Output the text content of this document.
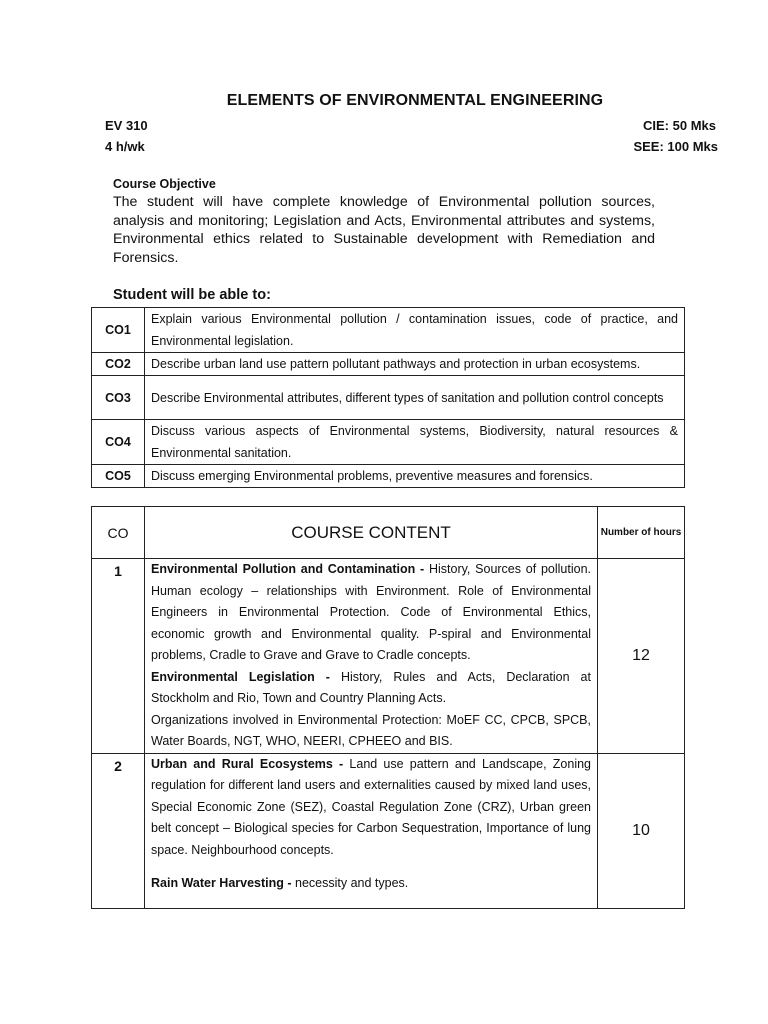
ELEMENTS OF ENVIRONMENTAL ENGINEERING
EV 310
4 h/wk
CIE: 50 Mks
SEE: 100 Mks
Course Objective
The student will have complete knowledge of Environmental pollution sources, analysis and monitoring; Legislation and Acts, Environmental attributes and systems, Environmental ethics related to Sustainable development with Remediation and Forensics.
Student will be able to:
CO1	Explain various Environmental pollution / contamination issues, code of practice, and Environmental legislation.
CO2	Describe urban land use pattern pollutant pathways and protection in urban ecosystems.
CO3	Describe Environmental attributes, different types of sanitation and pollution control concepts
CO4	Discuss various aspects of Environmental systems, Biodiversity, natural resources & Environmental sanitation.
CO5	Discuss emerging Environmental problems, preventive measures and forensics.
CO	COURSE CONTENT	Number of hours
1	Environmental Pollution and Contamination - History, Sources of pollution. Human ecology – relationships with Environment. Role of Environmental Engineers in Environmental Protection. Code of Environmental Ethics, economic growth and Environmental quality. P-spiral and Environmental problems, Cradle to Grave and Grave to Cradle concepts.

Environmental Legislation - History, Rules and Acts, Declaration at Stockholm and Rio, Town and Country Planning Acts.

Organizations involved in Environmental Protection: MoEF CC, CPCB, SPCB, Water Boards, NGT, WHO, NEERI, CPHEEO and BIS.	12
2	Urban and Rural Ecosystems - Land use pattern and Landscape, Zoning regulation for different land users and externalities caused by mixed land uses, Special Economic Zone (SEZ), Coastal Regulation Zone (CRZ), Urban green belt concept – Biological species for Carbon Sequestration, Importance of lung space. Neighbourhood concepts.

Rain Water Harvesting - necessity and types.	10
